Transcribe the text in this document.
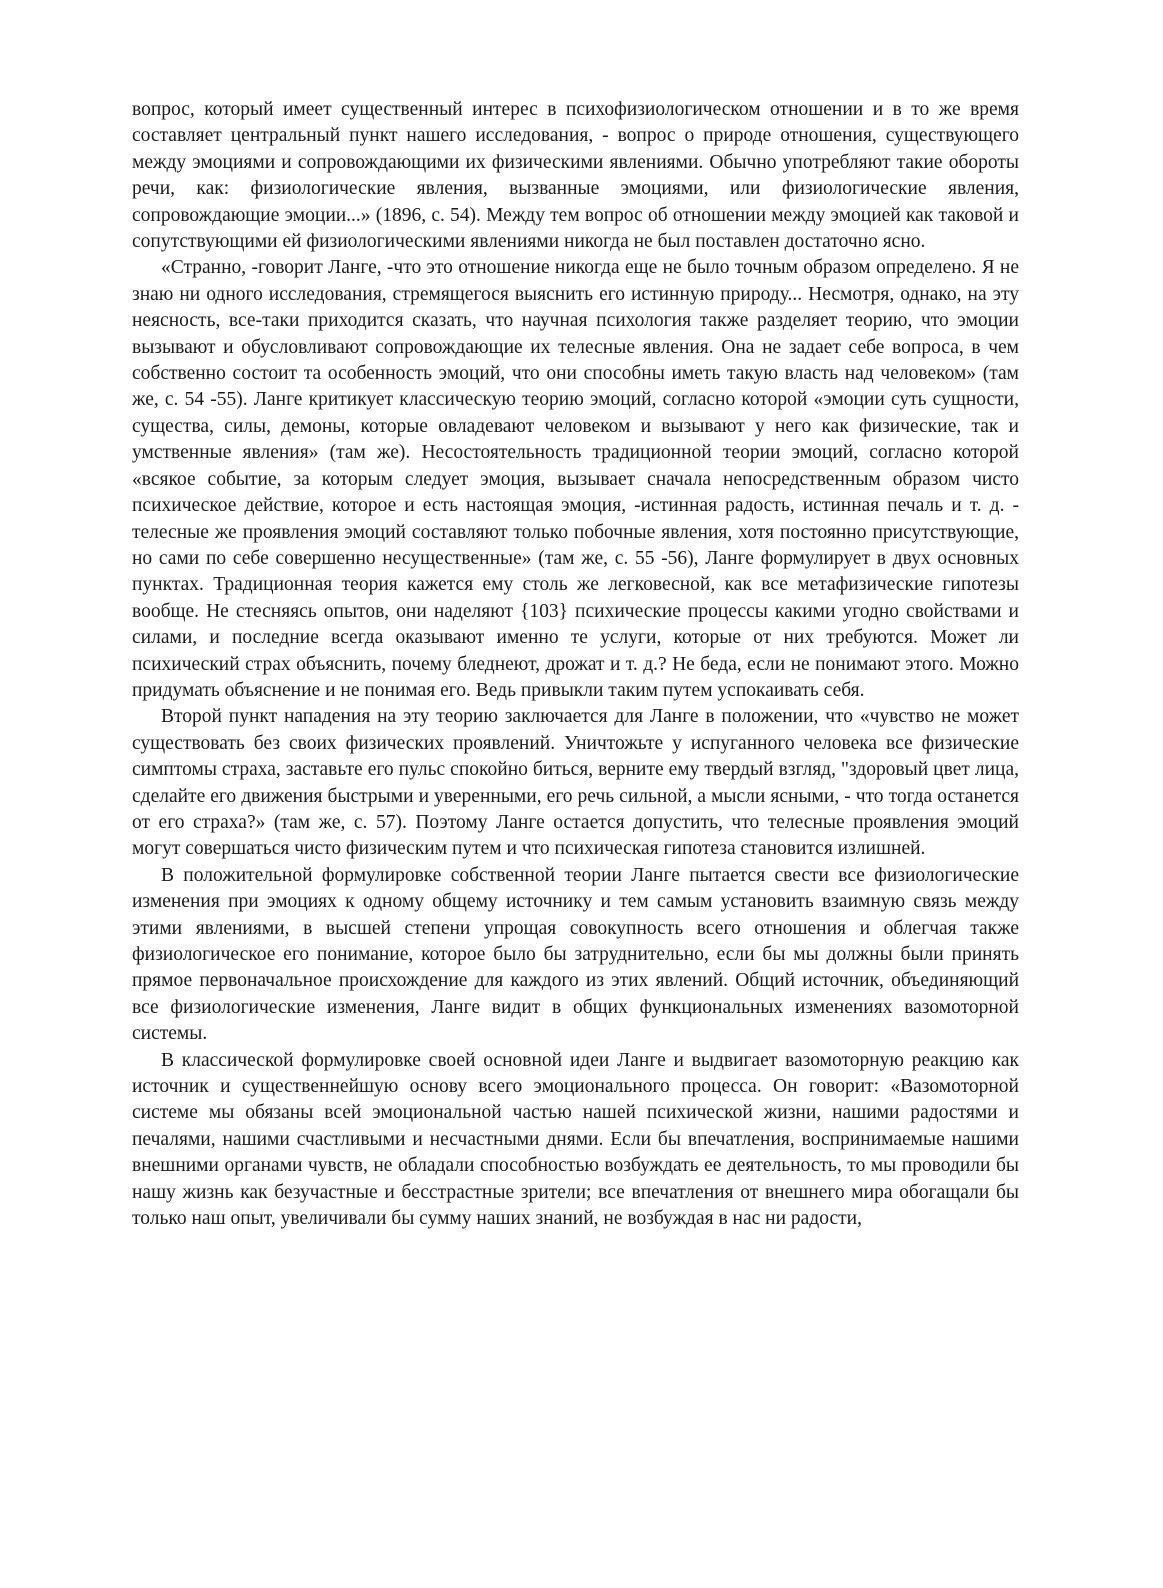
вопрос, который имеет существенный интерес в психофизиологическом отношении и в то же время составляет центральный пункт нашего исследования, - вопрос о природе отношения, существующего между эмоциями и сопровождающими их физическими явлениями. Обычно употребляют такие обороты речи, как: физиологические явления, вызванные эмоциями, или физиологические явления, сопровождающие эмоции...» (1896, с. 54). Между тем вопрос об отношении между эмоцией как таковой и сопутствующими ей физиологическими явлениями никогда не был поставлен достаточно ясно.

«Странно, -говорит Ланге, -что это отношение никогда еще не было точным образом определено. Я не знаю ни одного исследования, стремящегося выяснить его истинную природу... Несмотря, однако, на эту неясность, все-таки приходится сказать, что научная психология также разделяет теорию, что эмоции вызывают и обусловливают сопровождающие их телесные явления. Она не задает себе вопроса, в чем собственно состоит та особенность эмоций, что они способны иметь такую власть над человеком» (там же, с. 54 -55). Ланге критикует классическую теорию эмоций, согласно которой «эмоции суть сущности, существа, силы, демоны, которые овладевают человеком и вызывают у него как физические, так и умственные явления» (там же). Несостоятельность традиционной теории эмоций, согласно которой «всякое событие, за которым следует эмоция, вызывает сначала непосредственным образом чисто психическое действие, которое и есть настоящая эмоция, -истинная радость, истинная печаль и т. д. - телесные же проявления эмоций составляют только побочные явления, хотя постоянно присутствующие, но сами по себе совершенно несущественные» (там же, с. 55 -56), Ланге формулирует в двух основных пунктах. Традиционная теория кажется ему столь же легковесной, как все метафизические гипотезы вообще. Не стесняясь опытов, они наделяют {103} психические процессы какими угодно свойствами и силами, и последние всегда оказывают именно те услуги, которые от них требуются. Может ли психический страх объяснить, почему бледнеют, дрожат и т. д.? Не беда, если не понимают этого. Можно придумать объяснение и не понимая его. Ведь привыкли таким путем успокаивать себя.

Второй пункт нападения на эту теорию заключается для Ланге в положении, что «чувство не может существовать без своих физических проявлений. Уничтожьте у испуганного человека все физические симптомы страха, заставьте его пульс спокойно биться, верните ему твердый взгляд, "здоровый цвет лица, сделайте его движения быстрыми и уверенными, его речь сильной, а мысли ясными, - что тогда останется от его страха?» (там же, с. 57). Поэтому Ланге остается допустить, что телесные проявления эмоций могут совершаться чисто физическим путем и что психическая гипотеза становится излишней.

В положительной формулировке собственной теории Ланге пытается свести все физиологические изменения при эмоциях к одному общему источнику и тем самым установить взаимную связь между этими явлениями, в высшей степени упрощая совокупность всего отношения и облегчая также физиологическое его понимание, которое было бы затруднительно, если бы мы должны были принять прямое первоначальное происхождение для каждого из этих явлений. Общий источник, объединяющий все физиологические изменения, Ланге видит в общих функциональных изменениях вазомоторной системы.

В классической формулировке своей основной идеи Ланге и выдвигает вазомоторную реакцию как источник и существеннейшую основу всего эмоционального процесса. Он говорит: «Вазомоторной системе мы обязаны всей эмоциональной частью нашей психической жизни, нашими радостями и печалями, нашими счастливыми и несчастными днями. Если бы впечатления, воспринимаемые нашими внешними органами чувств, не обладали способностью возбуждать ее деятельность, то мы проводили бы нашу жизнь как безучастные и бесстрастные зрители; все впечатления от внешнего мира обогащали бы только наш опыт, увеличивали бы сумму наших знаний, не возбуждая в нас ни радости,
